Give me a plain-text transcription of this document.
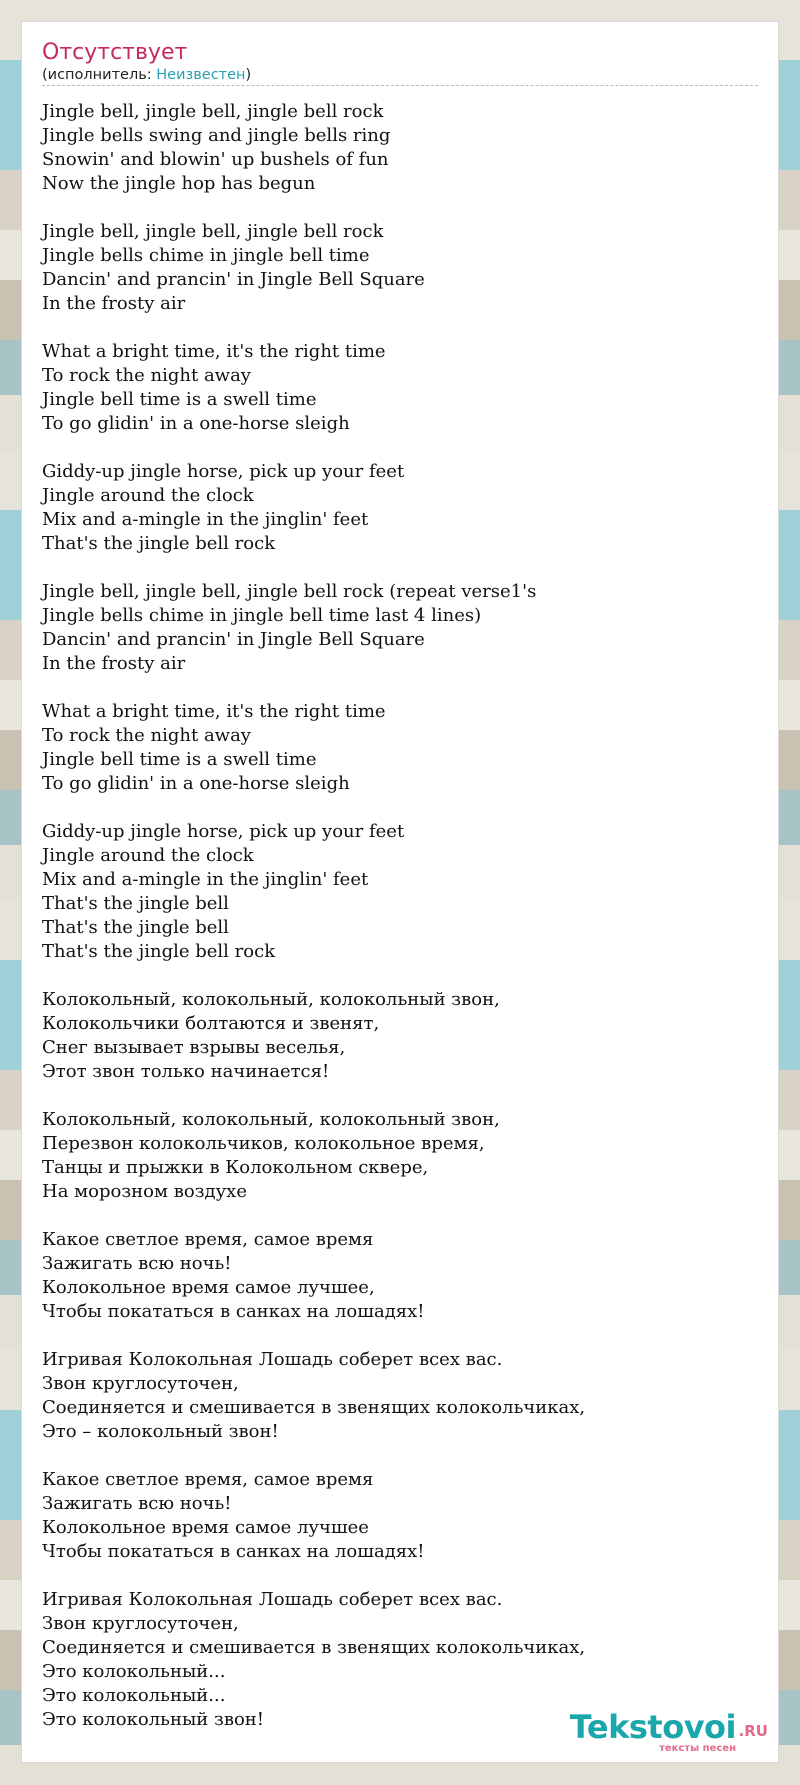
Отсутствует
(исполнитель: Неизвестен)
Jingle bell, jingle bell, jingle bell rock
Jingle bells swing and jingle bells ring
Snowin' and blowin' up bushels of fun
Now the jingle hop has begun
Jingle bell, jingle bell, jingle bell rock
Jingle bells chime in jingle bell time
Dancin' and prancin' in Jingle Bell Square
In the frosty air
What a bright time, it's the right time
To rock the night away
Jingle bell time is a swell time
To go glidin' in a one-horse sleigh
Giddy-up jingle horse, pick up your feet
Jingle around the clock
Mix and a-mingle in the jinglin' feet
That's the jingle bell rock
Jingle bell, jingle bell, jingle bell rock (repeat verse1's
Jingle bells chime in jingle bell time last 4 lines)
Dancin' and prancin' in Jingle Bell Square
In the frosty air
What a bright time, it's the right time
To rock the night away
Jingle bell time is a swell time
To go glidin' in a one-horse sleigh
Giddy-up jingle horse, pick up your feet
Jingle around the clock
Mix and a-mingle in the jinglin' feet
That's the jingle bell
That's the jingle bell
That's the jingle bell rock
Колокольный, колокольный, колокольный звон,
Колокольчики болтаются и звенят,
Снег вызывает взрывы веселья,
Этот звон только начинается!
Колокольный, колокольный, колокольный звон,
Перезвон колокольчиков, колокольное время,
Танцы и прыжки в Колокольном сквере,
На морозном воздухе
Какое светлое время, самое время
Зажигать всю ночь!
Колокольное время самое лучшее,
Чтобы покататься в санках на лошадях!
Игривая Колокольная Лошадь соберет всех вас.
Звон круглосуточен,
Соединяется и смешивается в звенящих колокольчиках,
Это – колокольный звон!
Какое светлое время, самое время
Зажигать всю ночь!
Колокольное время самое лучшее
Чтобы покататься в санках на лошадях!
Игривая Колокольная Лошадь соберет всех вас.
Звон круглосуточен,
Соединяется и смешивается в звенящих колокольчиках,
Это колокольный...
Это колокольный...
Это колокольный звон!	Tekstovoi .RU
тексты песен
